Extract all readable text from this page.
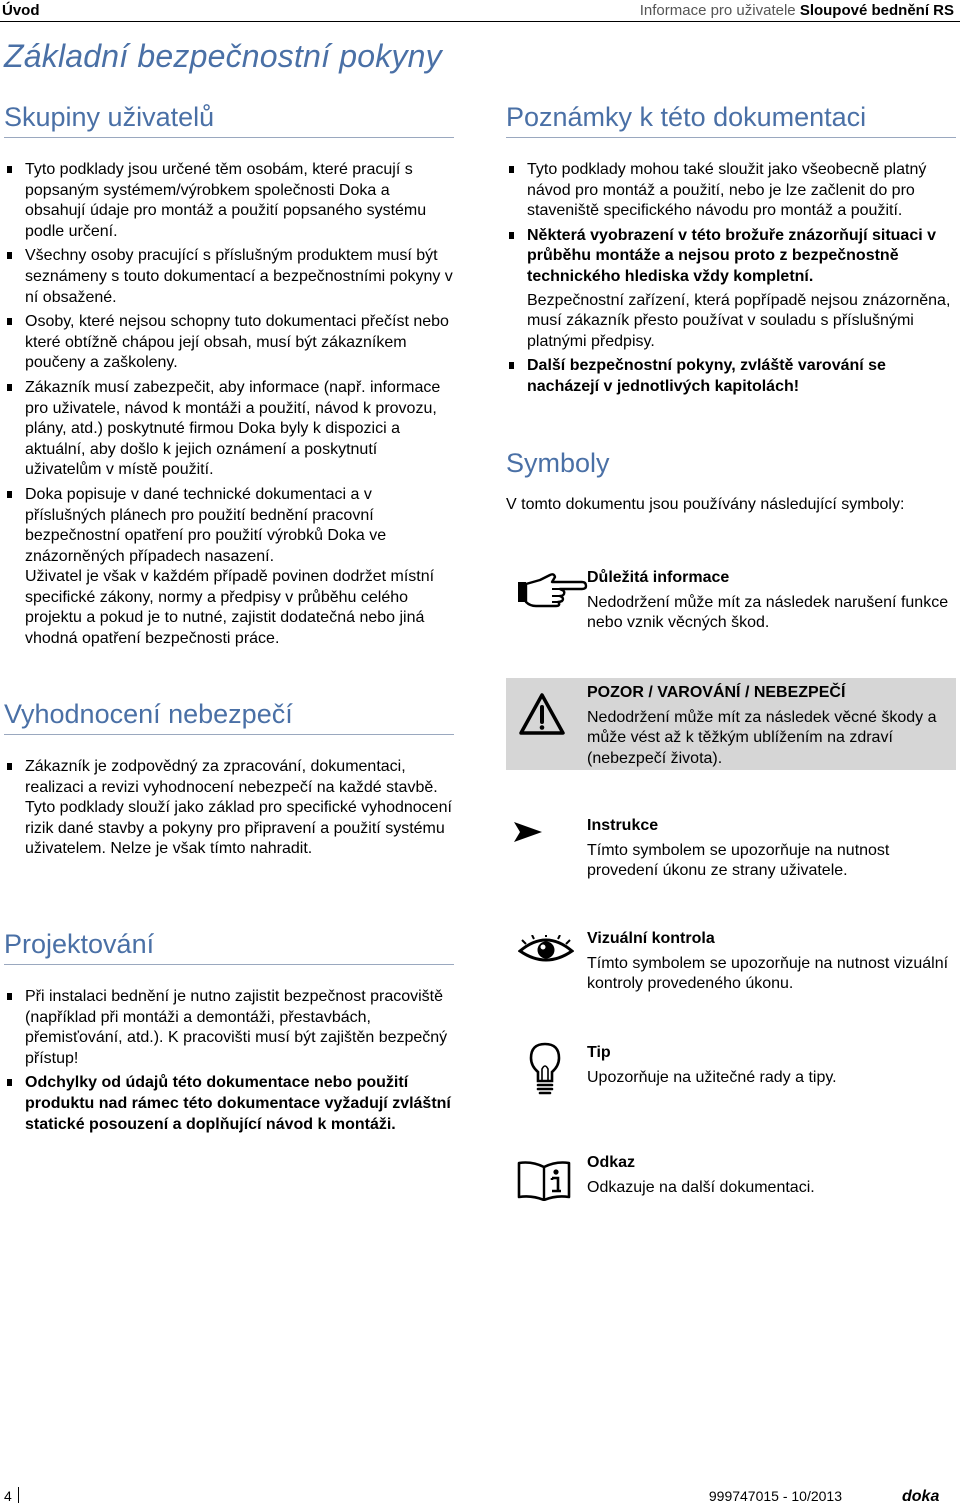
Úvod	Informace pro uživatele Sloupové bednění RS
Základní bezpečnostní pokyny
Skupiny uživatelů
Tyto podklady jsou určené těm osobám, které pracují s popsaným systémem/výrobkem společnosti Doka a obsahují údaje pro montáž a použití popsaného systému podle určení.
Všechny osoby pracující s příslušným produktem musí být seznámeny s touto dokumentací a bezpečnostními pokyny v ní obsažené.
Osoby, které nejsou schopny tuto dokumentaci přečíst nebo které obtížně chápou její obsah, musí být zákazníkem poučeny a zaškoleny.
Zákazník musí zabezpečit, aby informace (např. informace pro uživatele, návod k montáži a použití, návod k provozu, plány, atd.) poskytnuté firmou Doka byly k dispozici a aktuální, aby došlo k jejich oznámení a poskytnutí uživatelům v místě použití.

Doka popisuje v dané technické dokumentaci a v příslušných plánech pro použití bednění pracovní bezpečnostní opatření pro použití výrobků Doka ve znázorněných případech nasazení.

Uživatel je však v každém případě povinen dodržet místní specifické zákony, normy a předpisy v průběhu celého projektu a pokud je to nutné, zajistit dodatečná nebo jiná vhodná opatření bezpečnosti práce.

Vyhodnocení nebezpečí

Zákazník je zodpovědný za zpracování, dokumentaci, realizaci a revizi vyhodnocení nebezpečí na každé stavbě.

Tyto podklady slouží jako základ pro specifické vyhodnocení rizik dané stavby a pokyny pro připravení a použití systému uživatelem. Nelze je však tímto nahradit.

Projektování
Při instalaci bednění je nutno zajistit bezpečnost pracoviště (například při montáži a demontáži, přestavbách, přemisťování, atd.). K pracovišti musí být zajištěn bezpečný přístup!
Odchylky od údajů této dokumentace nebo použití produktu nad rámec této dokumentace vyžadují zvláštní statické posouzení a doplňující návod k montáži.
Poznámky k této dokumentaci
Tyto podklady mohou také sloužit jako všeobecně platný návod pro montáž a použití, nebo je lze začlenit do pro staveniště specifického návodu pro montáž a použití.

Některá vyobrazení v této brožuře znázorňují situaci v průběhu montáže a nejsou proto z bezpečnostně technického hlediska vždy kompletní.

Bezpečnostní zařízení, která popřípadě nejsou znázorněna, musí zákazník přesto používat v souladu s příslušnými platnými předpisy.

Další bezpečnostní pokyny, zvláště varování se nacházejí v jednotlivých kapitolách!
Symboly
V tomto dokumentu jsou používány následující symboly:
Důležitá informace
Nedodržení může mít za následek narušení funkce nebo vznik věcných škod.
POZOR / VAROVÁNÍ / NEBEZPEČÍ
Nedodržení může mít za následek věcné škody a může vést až k těžkým ublížením na zdraví (nebezpečí života).
Instrukce
Tímto symbolem se upozorňuje na nutnost provedení úkonu ze strany uživatele.
Vizuální kontrola
Tímto symbolem se upozorňuje na nutnost vizuální kontroly provedeného úkonu.
Tip
Upozorňuje na užitečné rady a tipy.
Odkaz
Odkazuje na další dokumentaci.
4	999747015 - 10/2013	doka
